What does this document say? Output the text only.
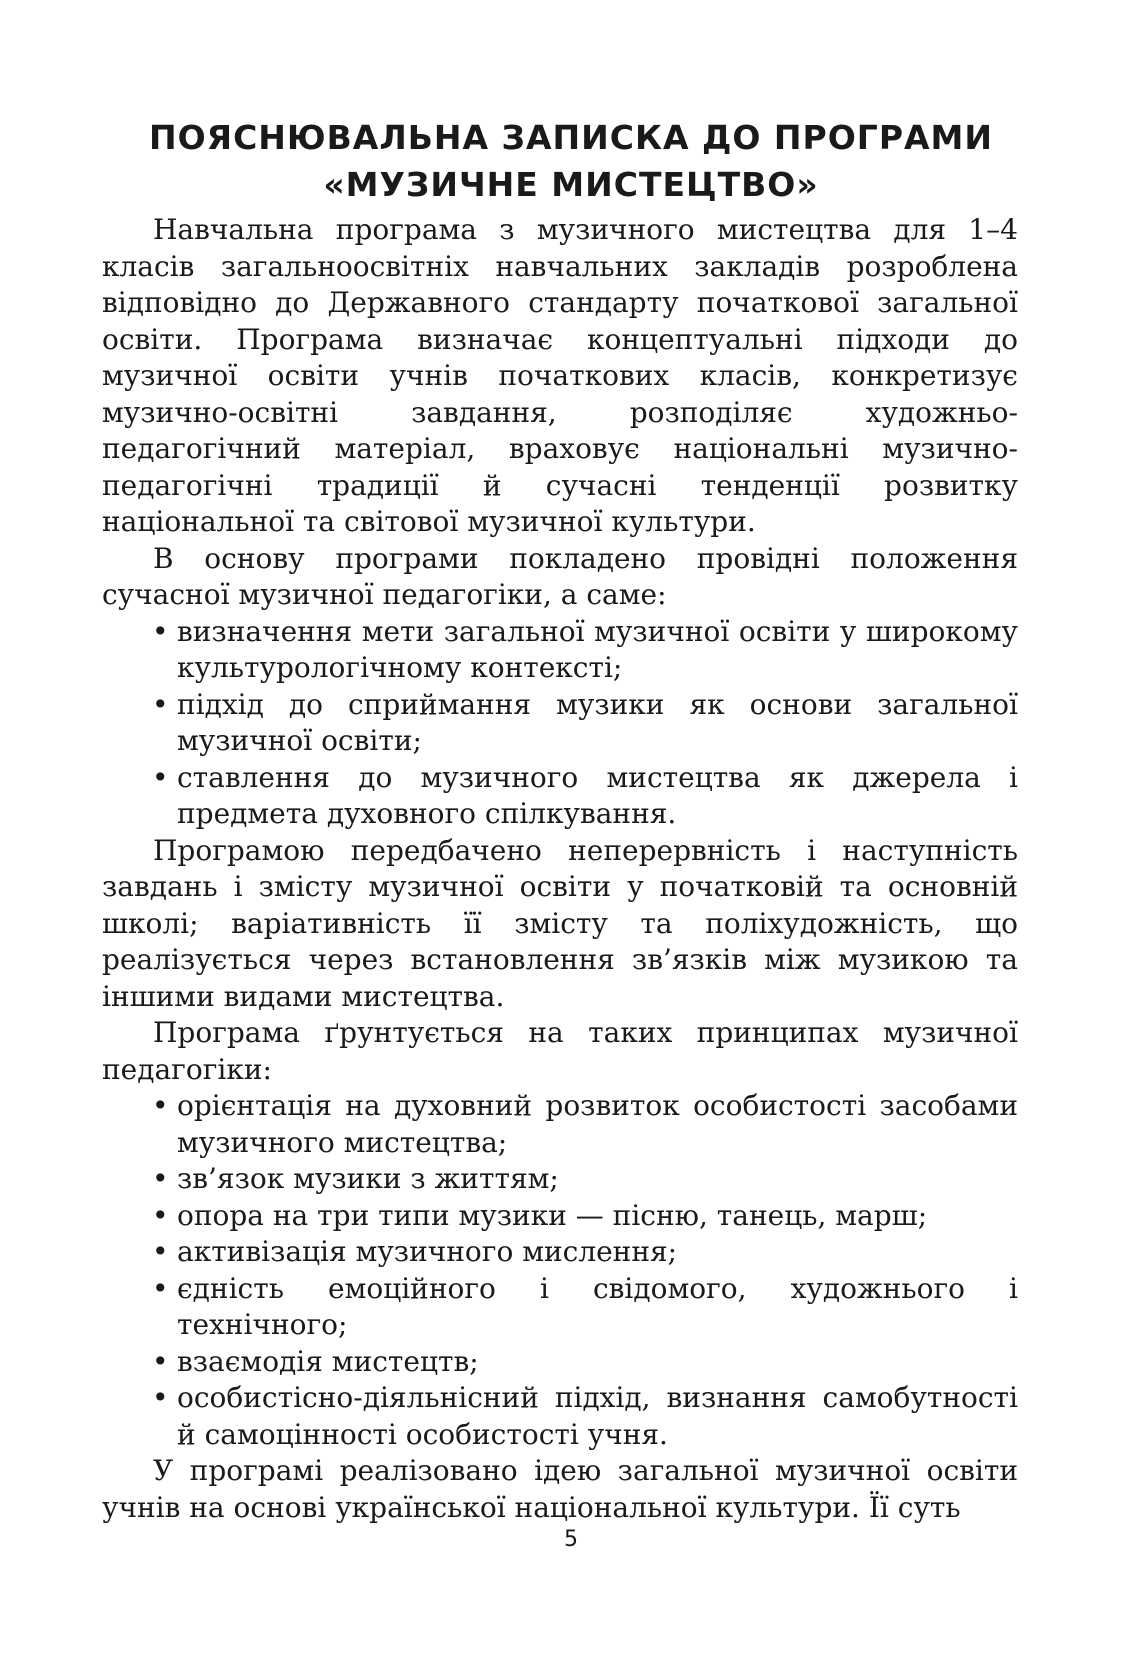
ПОЯСНЮВАЛЬНА ЗАПИСКА ДО ПРОГРАМИ
«МУЗИЧНЕ МИСТЕЦТВО»

Навчальна програма з музичного мистецтва для 1–4 класів загальноосвітніх навчальних закладів розроблена відповідно до Державного стандарту початкової загальної освіти. Програма визначає концептуальні підходи до музичної освіти учнів початкових класів, конкретизує музично-освітні завдання, розподіляє художньо-педагогічний матеріал, враховує національні музично-педагогічні традиції й сучасні тенденції розвитку національної та світової музичної культури.

В основу програми покладено провідні положення сучасної музичної педагогіки, а саме:

• визначення мети загальної музичної освіти у широкому культурологічному контексті;
• підхід до сприймання музики як основи загальної музичної освіти;
• ставлення до музичного мистецтва як джерела і предмета духовного спілкування.

Програмою передбачено неперервність і наступність завдань і змісту музичної освіти у початковій та основній школі; варіативність її змісту та поліхудожність, що реалізується через встановлення зв’язків між музикою та іншими видами мистецтва.

Програма ґрунтується на таких принципах музичної педагогіки:

• орієнтація на духовний розвиток особистості засобами музичного мистецтва;
• зв’язок музики з життям;
• опора на три типи музики — пісню, танець, марш;
• активізація музичного мислення;
• єдність емоційного і свідомого, художнього і технічного;
• взаємодія мистецтв;
• особистісно-діяльнісний підхід, визнання самобутності й самоцінності особистості учня.

У програмі реалізовано ідею загальної музичної освіти учнів на основі української національної культури. Її суть

5
